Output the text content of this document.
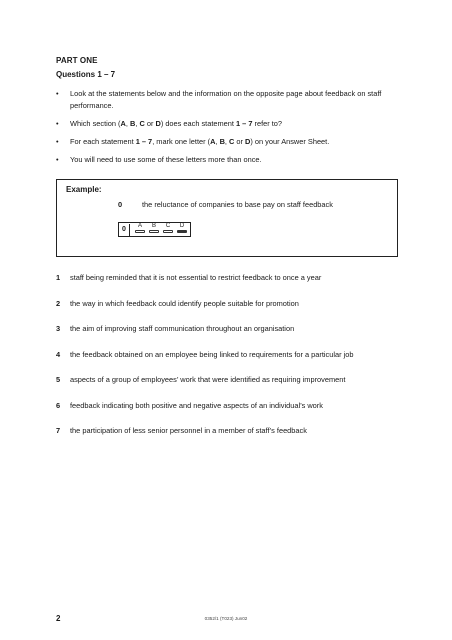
PART ONE
Questions 1 – 7
• Look at the statements below and the information on the opposite page about feedback on staff performance.
• Which section (A, B, C or D) does each statement 1 – 7 refer to?
• For each statement 1 – 7, mark one letter (A, B, C or D) on your Answer Sheet.
• You will need to use some of these letters more than once.
Example:
0	the reluctance of companies to base pay on staff feedback
0	A	B	C	D
1 staff being reminded that it is not essential to restrict feedback to once a year
2 the way in which feedback could identify people suitable for promotion
3 the aim of improving staff communication throughout an organisation
4 the feedback obtained on an employee being linked to requirements for a particular job
5 aspects of a group of employees’ work that were identified as requiring improvement
6 feedback indicating both positive and negative aspects of an individual’s work
7 the participation of less senior personnel in a member of staff’s feedback
2	0352/1 (T023) Jun02
